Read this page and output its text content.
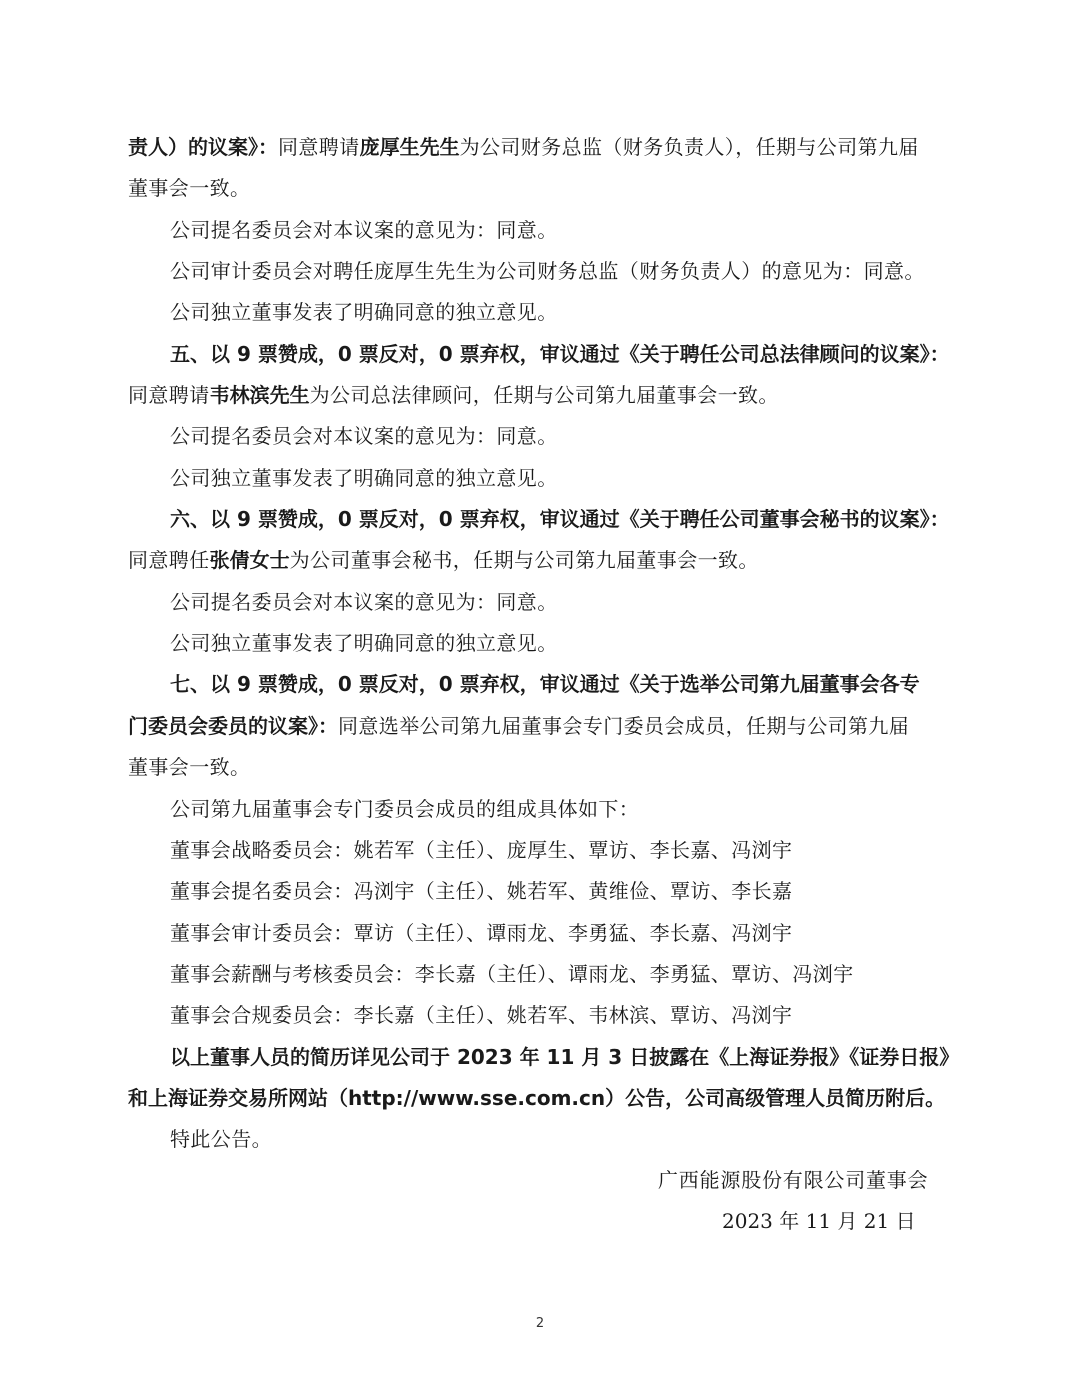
责人）的议案》：同意聘请庞厚生先生为公司财务总监（财务负责人），任期与公司第九届
董事会一致。
公司提名委员会对本议案的意见为：同意。
公司审计委员会对聘任庞厚生先生为公司财务总监（财务负责人）的意见为：同意。
公司独立董事发表了明确同意的独立意见。
五、以 9 票赞成，0 票反对，0 票弃权，审议通过《关于聘任公司总法律顾问的议案》：
同意聘请韦林滨先生为公司总法律顾问，任期与公司第九届董事会一致。
公司提名委员会对本议案的意见为：同意。
公司独立董事发表了明确同意的独立意见。
六、以 9 票赞成，0 票反对，0 票弃权，审议通过《关于聘任公司董事会秘书的议案》：
同意聘任张倩女士为公司董事会秘书，任期与公司第九届董事会一致。
公司提名委员会对本议案的意见为：同意。
公司独立董事发表了明确同意的独立意见。
七、以 9 票赞成，0 票反对，0 票弃权，审议通过《关于选举公司第九届董事会各专
门委员会委员的议案》：同意选举公司第九届董事会专门委员会成员，任期与公司第九届
董事会一致。
公司第九届董事会专门委员会成员的组成具体如下：
董事会战略委员会：姚若军（主任）、庞厚生、覃访、李长嘉、冯浏宇
董事会提名委员会：冯浏宇（主任）、姚若军、黄维俭、覃访、李长嘉
董事会审计委员会：覃访（主任）、谭雨龙、李勇猛、李长嘉、冯浏宇
董事会薪酬与考核委员会：李长嘉（主任）、谭雨龙、李勇猛、覃访、冯浏宇
董事会合规委员会：李长嘉（主任）、姚若军、韦林滨、覃访、冯浏宇
以上董事人员的简历详见公司于 2023 年 11 月 3 日披露在《上海证券报》《证券日报》
和上海证券交易所网站（http://www.sse.com.cn）公告，公司高级管理人员简历附后。
特此公告。
广西能源股份有限公司董事会
2023 年 11 月 21 日
2
